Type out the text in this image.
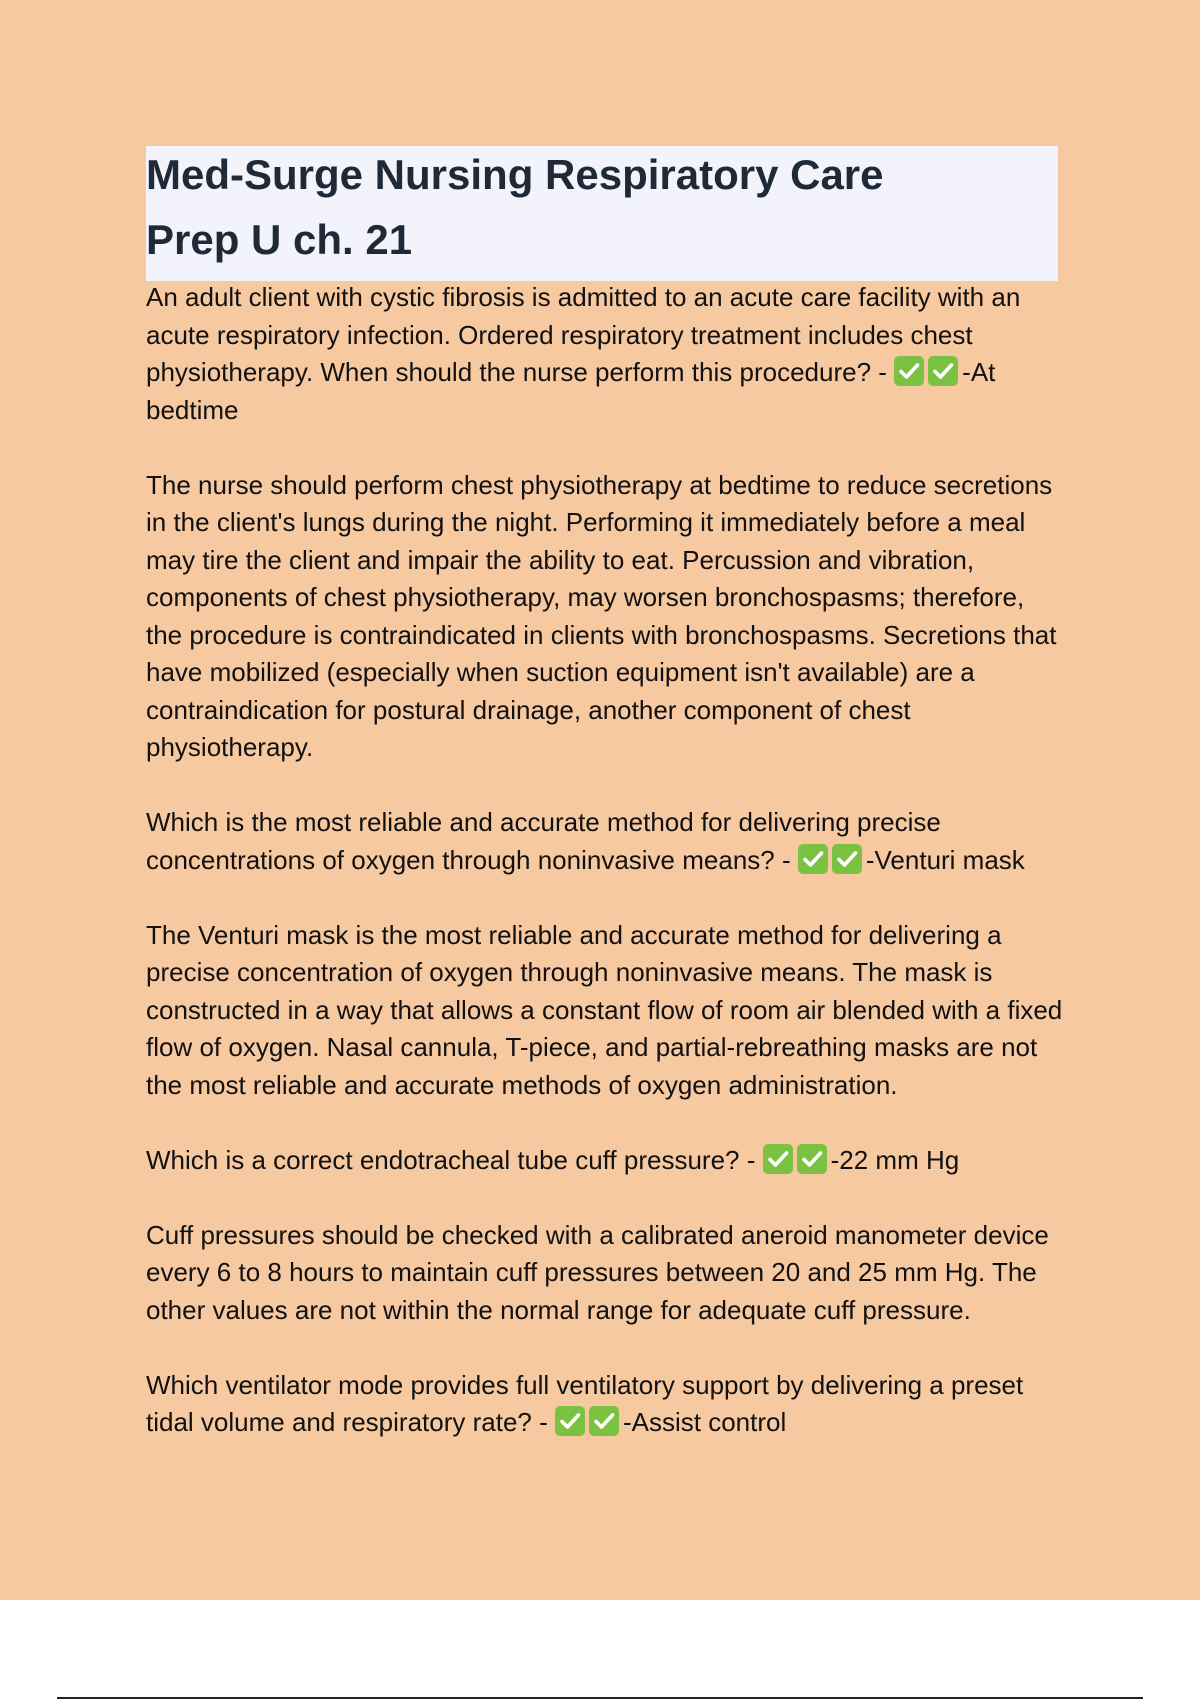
Med-Surge Nursing Respiratory Care
Prep U ch. 21

An adult client with cystic fibrosis is admitted to an acute care facility with an acute respiratory infection. Ordered respiratory treatment includes chest physiotherapy. When should the nurse perform this procedure? -	-At bedtime

The nurse should perform chest physiotherapy at bedtime to reduce secretions in the client's lungs during the night. Performing it immediately before a meal may tire the client and impair the ability to eat. Percussion and vibration, components of chest physiotherapy, may worsen bronchospasms; therefore, the procedure is contraindicated in clients with bronchospasms. Secretions that have mobilized (especially when suction equipment isn't available) are a contraindication for postural drainage, another component of chest physiotherapy.

Which is the most reliable and accurate method for delivering precise concentrations of oxygen through noninvasive means? -	-Venturi mask

The Venturi mask is the most reliable and accurate method for delivering a precise concentration of oxygen through noninvasive means. The mask is constructed in a way that allows a constant flow of room air blended with a fixed flow of oxygen. Nasal cannula, T-piece, and partial-rebreathing masks are not the most reliable and accurate methods of oxygen administration.

Which is a correct endotracheal tube cuff pressure? -	-22 mm Hg

Cuff pressures should be checked with a calibrated aneroid manometer device every 6 to 8 hours to maintain cuff pressures between 20 and 25 mm Hg. The other values are not within the normal range for adequate cuff pressure.

Which ventilator mode provides full ventilatory support by delivering a preset tidal volume and respiratory rate? -	-Assist control
